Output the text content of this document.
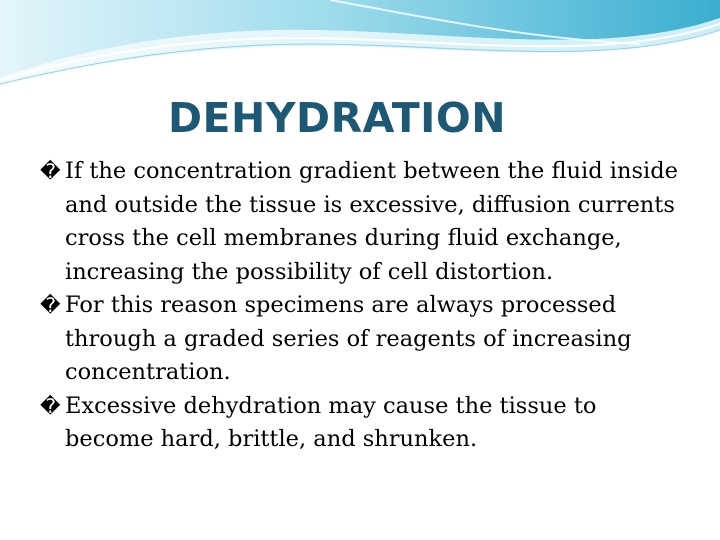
DEHYDRATION
� If the concentration gradient between the fluid inside and outside the tissue is excessive, diffusion currents cross the cell membranes during fluid exchange, increasing the possibility of cell distortion.
� For this reason specimens are always processed through a graded series of reagents of increasing concentration.
� Excessive dehydration may cause the tissue to become hard, brittle, and shrunken.
